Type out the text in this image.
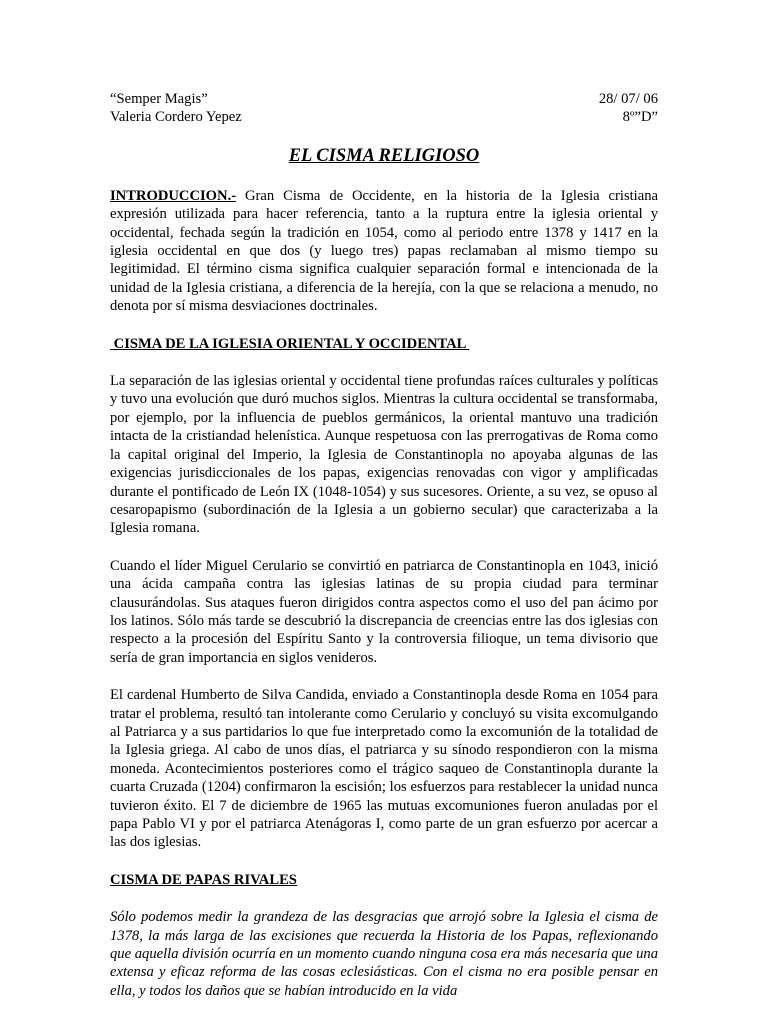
“Semper Magis”	28/ 07/ 06
Valeria Cordero Yepez	8º”D”
EL CISMA RELIGIOSO

INTRODUCCION.- Gran Cisma de Occidente, en la historia de la Iglesia cristiana expresión utilizada para hacer referencia, tanto a la ruptura entre la iglesia oriental y occidental, fechada según la tradición en 1054, como al periodo entre 1378 y 1417 en la iglesia occidental en que dos (y luego tres) papas reclamaban al mismo tiempo su legitimidad. El término cisma significa cualquier separación formal e intencionada de la unidad de la Iglesia cristiana, a diferencia de la herejía, con la que se relaciona a menudo, no denota por sí misma desviaciones doctrinales.

CISMA DE LA IGLESIA ORIENTAL Y OCCIDENTAL

La separación de las iglesias oriental y occidental tiene profundas raíces culturales y políticas y tuvo una evolución que duró muchos siglos. Mientras la cultura occidental se transformaba, por ejemplo, por la influencia de pueblos germánicos, la oriental mantuvo una tradición intacta de la cristiandad helenística. Aunque respetuosa con las prerrogativas de Roma como la capital original del Imperio, la Iglesia de Constantinopla no apoyaba algunas de las exigencias jurisdiccionales de los papas, exigencias renovadas con vigor y amplificadas durante el pontificado de León IX (1048-1054) y sus sucesores. Oriente, a su vez, se opuso al cesaropapismo (subordinación de la Iglesia a un gobierno secular) que caracterizaba a la Iglesia romana.

Cuando el líder Miguel Cerulario se convirtió en patriarca de Constantinopla en 1043, inició una ácida campaña contra las iglesias latinas de su propia ciudad para terminar clausurándolas. Sus ataques fueron dirigidos contra aspectos como el uso del pan ácimo por los latinos. Sólo más tarde se descubrió la discrepancia de creencias entre las dos iglesias con respecto a la procesión del Espíritu Santo y la controversia filioque, un tema divisorio que sería de gran importancia en siglos venideros.

El cardenal Humberto de Silva Candida, enviado a Constantinopla desde Roma en 1054 para tratar el problema, resultó tan intolerante como Cerulario y concluyó su visita excomulgando al Patriarca y a sus partidarios lo que fue interpretado como la excomunión de la totalidad de la Iglesia griega. Al cabo de unos días, el patriarca y su sínodo respondieron con la misma moneda. Acontecimientos posteriores como el trágico saqueo de Constantinopla durante la cuarta Cruzada (1204) confirmaron la escisión; los esfuerzos para restablecer la unidad nunca tuvieron éxito. El 7 de diciembre de 1965 las mutuas excomuniones fueron anuladas por el papa Pablo VI y por el patriarca Atenágoras I, como parte de un gran esfuerzo por acercar a las dos iglesias.

CISMA DE PAPAS RIVALES

Sólo podemos medir la grandeza de las desgracias que arrojó sobre la Iglesia el cisma de 1378, la más larga de las excisiones que recuerda la Historia de los Papas, reflexionando que aquella división ocurría en un momento cuando ninguna cosa era más necesaria que una extensa y eficaz reforma de las cosas eclesiásticas. Con el cisma no era posible pensar en ella, y todos los daños que se habían introducido en la vida
